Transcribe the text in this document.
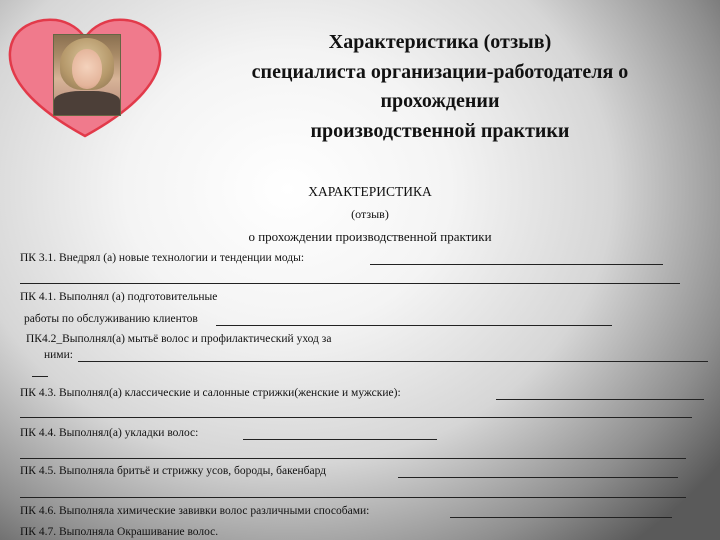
Характеристика (отзыв)
специалиста организации-работодателя о
прохождении
производственной практики
ХАРАКТЕРИСТИКА
(отзыв)
о прохождении производственной практики
ПК 3.1. Внедрял (а) новые технологии и тенденции моды:
ПК 4.1. Выполнял (а) подготовительные
работы по обслуживанию клиентов
ПК4.2_Выполнял(а) мытьё волос и профилактический уход за
ними:
ПК 4.3. Выполнял(а) классические и салонные стрижки(женские и мужские):
ПК 4.4. Выполнял(а) укладки волос:
ПК 4.5. Выполняла бритьё и стрижку усов, бороды, бакенбард
ПК 4.6. Выполняла химические завивки волос различными способами:
ПК 4.7. Выполняла Окрашивание волос.
